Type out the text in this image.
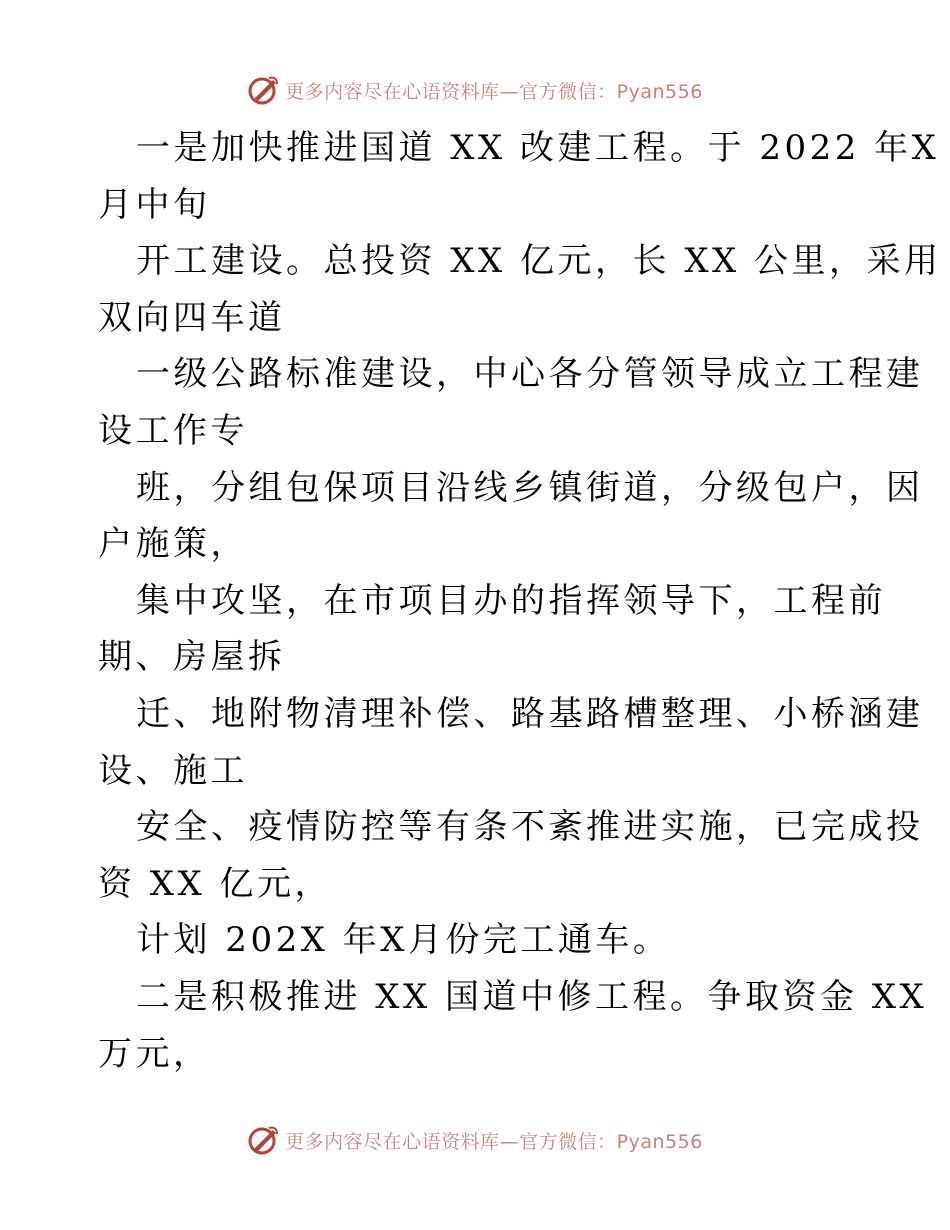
更多内容尽在心语资料库—官方微信：Pyan556
一是加快推进国道 XX 改建工程。于 2022 年X
月中旬
开工建设。总投资 XX 亿元，长 XX 公里，采用
双向四车道
一级公路标准建设，中心各分管领导成立工程建
设工作专
班，分组包保项目沿线乡镇街道，分级包户，因
户施策，
集中攻坚，在市项目办的指挥领导下，工程前
期、房屋拆
迁、地附物清理补偿、路基路槽整理、小桥涵建
设、施工
安全、疫情防控等有条不紊推进实施，已完成投
资 XX 亿元，
计划 202X 年X月份完工通车。
二是积极推进 XX 国道中修工程。争取资金 XX
万元，
更多内容尽在心语资料库—官方微信：Pyan556
